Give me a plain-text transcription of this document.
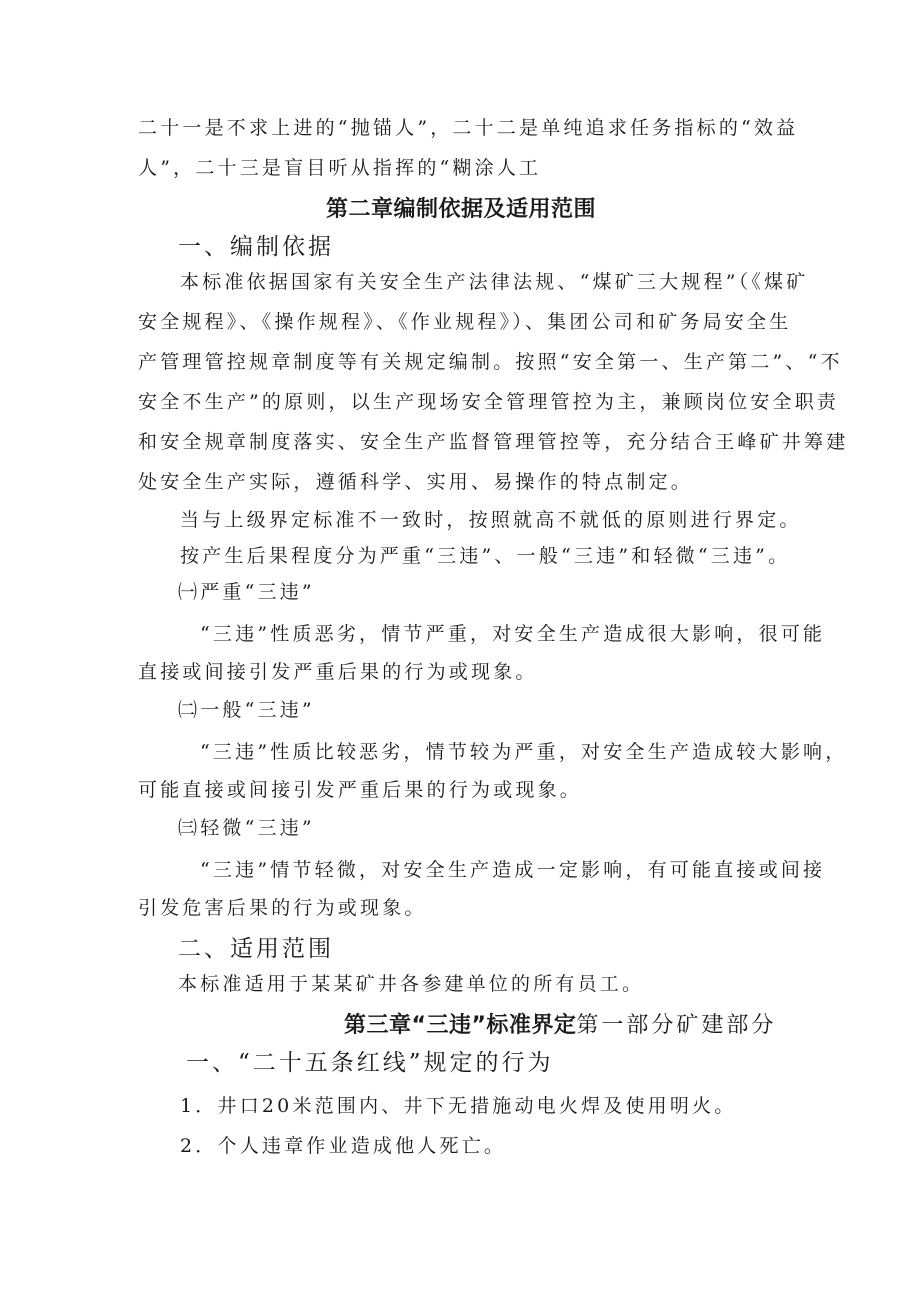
二十一是不求上进的“抛锚人”，二十二是单纯追求任务指标的“效益
人”，二十三是盲目听从指挥的“糊涂人工
第二章编制依据及适用范围
一、编制依据
本标准依据国家有关安全生产法律法规、“煤矿三大规程”（《煤矿
安全规程》、《操作规程》、《作业规程》）、集团公司和矿务局安全生
产管理管控规章制度等有关规定编制。按照“安全第一、生产第二”、“不
安全不生产”的原则，以生产现场安全管理管控为主，兼顾岗位安全职责
和安全规章制度落实、安全生产监督管理管控等，充分结合王峰矿井筹建
处安全生产实际，遵循科学、实用、易操作的特点制定。
当与上级界定标准不一致时，按照就高不就低的原则进行界定。
按产生后果程度分为严重“三违”、一般“三违”和轻微“三违”。
㈠严重“三违”
“三违”性质恶劣，情节严重，对安全生产造成很大影响，很可能
直接或间接引发严重后果的行为或现象。
㈡一般“三违”
“三违”性质比较恶劣，情节较为严重，对安全生产造成较大影响，
可能直接或间接引发严重后果的行为或现象。
㈢轻微“三违”
“三违”情节轻微，对安全生产造成一定影响，有可能直接或间接
引发危害后果的行为或现象。
二、适用范围
本标准适用于某某矿井各参建单位的所有员工。
第三章“三违”标准界定第一部分矿建部分
一、“二十五条红线”规定的行为
1．井口20米范围内、井下无措施动电火焊及使用明火。
2．个人违章作业造成他人死亡。
